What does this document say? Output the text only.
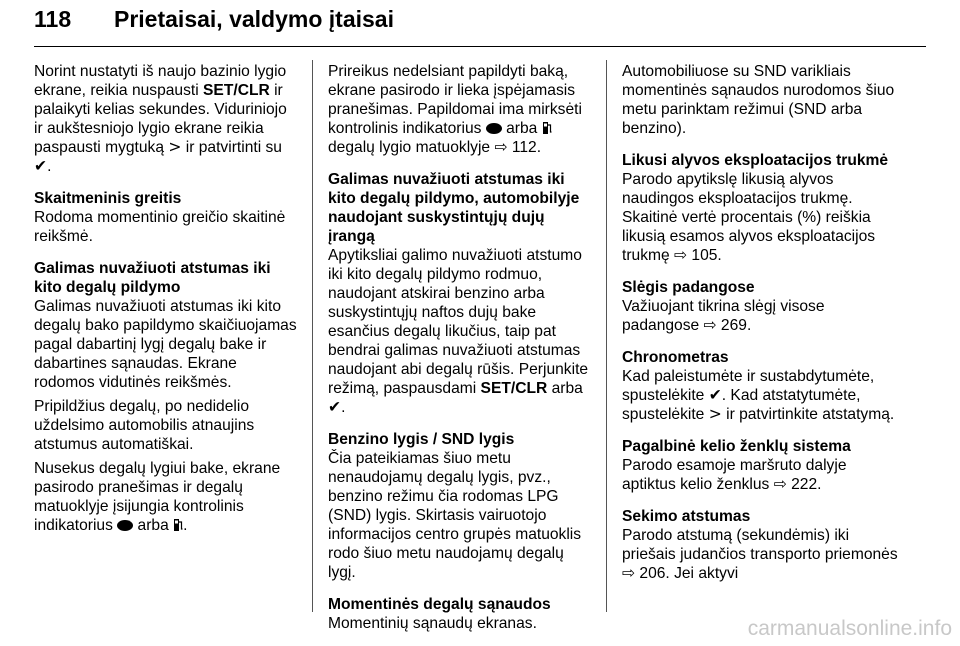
118 Prietaisai, valdymo įtaisai

Norint nustatyti iš naujo bazinio lygio ekrane, reikia nuspausti SET/CLR ir palaikyti kelias sekundes. Viduriniojo ir aukštesniojo lygio ekrane reikia paspausti mygtuką > ir patvirtinti su
✔.

Skaitmeninis greitis
Rodoma momentinio greičio skaitinė reikšmė.

Galimas nuvažiuoti atstumas iki kito degalų pildymo
Galimas nuvažiuoti atstumas iki kito degalų bako papildymo skaičiuojamas pagal dabartinį lygį degalų bake ir dabartines sąnaudas. Ekrane rodomos vidutinės reikšmės.

Pripildžius degalų, po nedidelio uždelsimo automobilis atnaujins atstumus automatiškai.

Nusekus degalų lygiui bake, ekrane pasirodo pranešimas ir degalų matuoklyje įsijungia kontrolinis indikatorius  arba .

Prireikus nedelsiant papildyti baką, ekrane pasirodo ir lieka įspėjamasis pranešimas. Papildomai ima mirksėti kontrolinis indikatorius  arba  degalų lygio matuoklyje ⇨ 112.

Galimas nuvažiuoti atstumas iki kito degalų pildymo, automobilyje naudojant suskystintųjų dujų įrangą
Apytiksliai galimo nuvažiuoti atstumo iki kito degalų pildymo rodmuo, naudojant atskirai benzino arba suskystintųjų naftos dujų bake esančius degalų likučius, taip pat bendrai galimas nuvažiuoti atstumas naudojant abi degalų rūšis. Perjunkite režimą, paspausdami SET/CLR arba
✔.

Benzino lygis / SND lygis
Čia pateikiamas šiuo metu nenaudojamų degalų lygis, pvz., benzino režimu čia rodomas LPG (SND) lygis. Skirtasis vairuotojo informacijos centro grupės matuoklis rodo šiuo metu naudojamų degalų lygį.

Momentinės degalų sąnaudos
Momentinių sąnaudų ekranas.

Automobiliuose su SND varikliais momentinės sąnaudos nurodomos šiuo metu parinktam režimui (SND arba benzino).

Likusi alyvos eksploatacijos trukmė
Parodo apytikslę likusią alyvos naudingos eksploatacijos trukmę. Skaitinė vertė procentais (%) reiškia likusią esamos alyvos eksploatacijos trukmę ⇨ 105.

Slėgis padangose
Važiuojant tikrina slėgį visose padangose ⇨ 269.

Chronometras
Kad paleistumėte ir sustabdytumėte, spustelėkite ✔. Kad atstatytumėte, spustelėkite > ir patvirtinkite atstatymą.

Pagalbinė kelio ženklų sistema
Parodo esamoje maršruto dalyje aptiktus kelio ženklus ⇨ 222.

Sekimo atstumas
Parodo atstumą (sekundėmis) iki priešais judančios transporto priemonės ⇨ 206. Jei aktyvi

carmanualsonline.info
